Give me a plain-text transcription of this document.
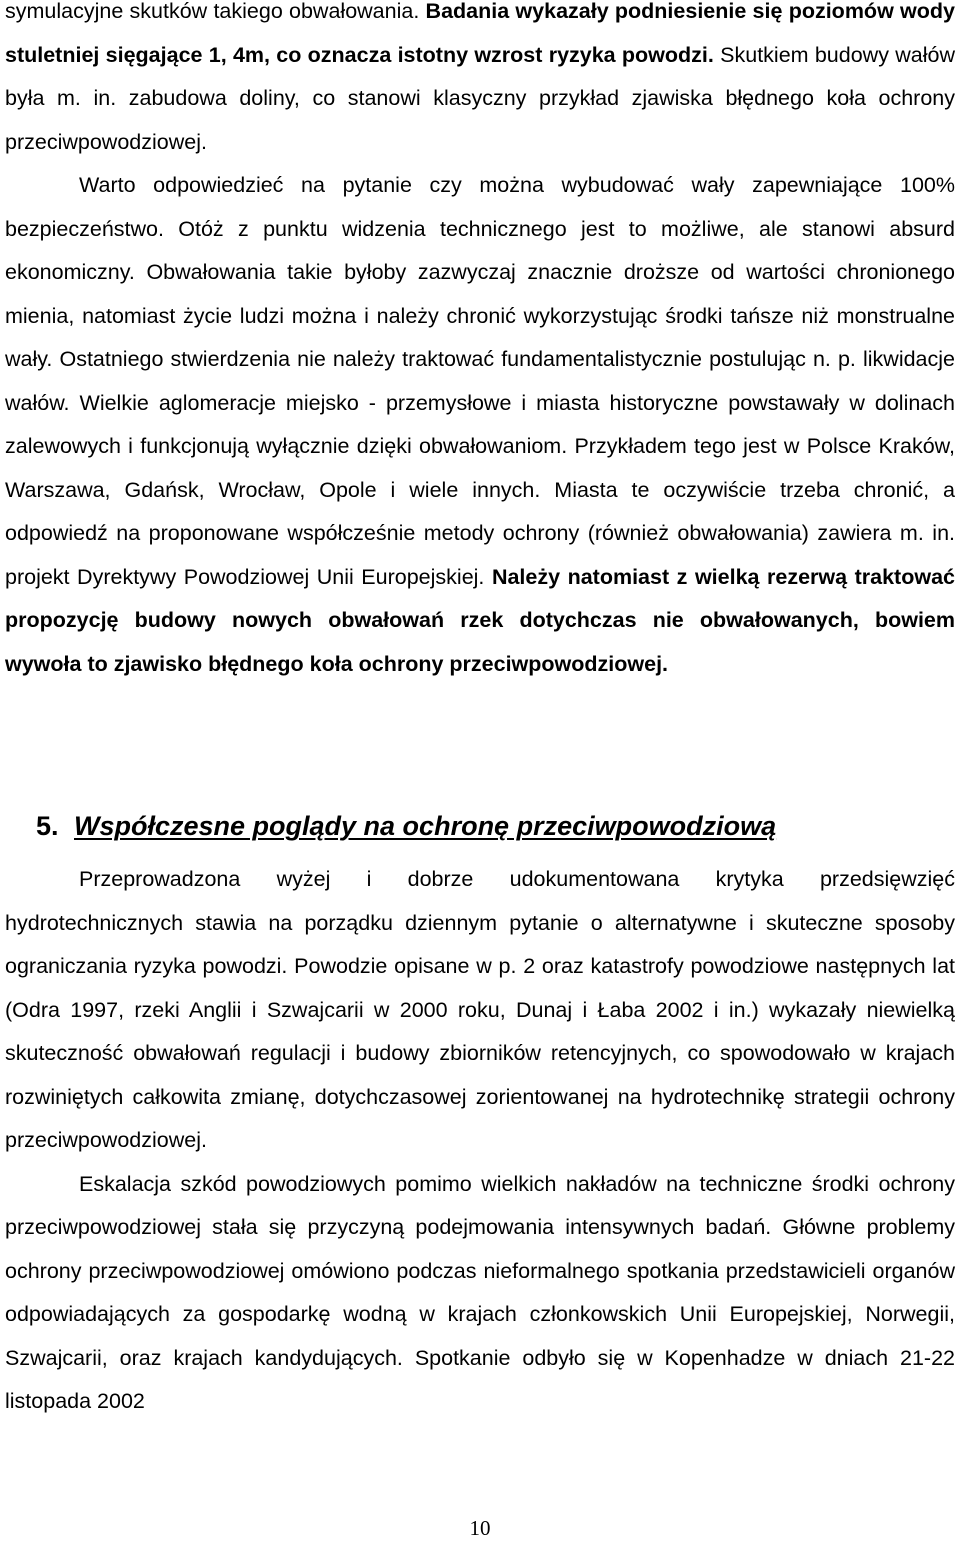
symulacyjne skutków takiego obwałowania. Badania wykazały podniesienie się poziomów wody stuletniej sięgające 1, 4m, co oznacza istotny wzrost ryzyka powodzi. Skutkiem budowy wałów była m. in. zabudowa doliny, co stanowi klasyczny przykład zjawiska błędnego koła ochrony przeciwpowodziowej.

Warto odpowiedzieć na pytanie czy można wybudować wały zapewniające 100% bezpieczeństwo. Otóż z punktu widzenia technicznego jest to możliwe, ale stanowi absurd ekonomiczny. Obwałowania takie byłoby zazwyczaj znacznie droższe od wartości chronionego mienia, natomiast życie ludzi można i należy chronić wykorzystując środki tańsze niż monstrualne wały. Ostatniego stwierdzenia nie należy traktować fundamentalistycznie postulując n. p. likwidacje wałów. Wielkie aglomeracje miejsko - przemysłowe i miasta historyczne powstawały w dolinach zalewowych i funkcjonują wyłącznie dzięki obwałowaniom. Przykładem tego jest w Polsce Kraków, Warszawa, Gdańsk, Wrocław, Opole i wiele innych. Miasta te oczywiście trzeba chronić, a odpowiedź na proponowane współcześnie metody ochrony (również obwałowania) zawiera m. in. projekt Dyrektywy Powodziowej Unii Europejskiej. Należy natomiast z wielką rezerwą traktować propozycję budowy nowych obwałowań rzek dotychczas nie obwałowanych, bowiem wywoła to zjawisko błędnego koła ochrony przeciwpowodziowej.

5. Współczesne poglądy na ochronę przeciwpowodziową

Przeprowadzona wyżej i dobrze udokumentowana krytyka przedsięwzięć hydrotechnicznych stawia na porządku dziennym pytanie o alternatywne i skuteczne sposoby ograniczania ryzyka powodzi. Powodzie opisane w p. 2 oraz katastrofy powodziowe następnych lat (Odra 1997, rzeki Anglii i Szwajcarii w 2000 roku, Dunaj i Łaba 2002 i in.) wykazały niewielką skuteczność obwałowań regulacji i budowy zbiorników retencyjnych, co spowodowało w krajach rozwiniętych całkowita zmianę, dotychczasowej zorientowanej na hydrotechnikę strategii ochrony przeciwpowodziowej.

Eskalacja szkód powodziowych pomimo wielkich nakładów na techniczne środki ochrony przeciwpowodziowej stała się przyczyną podejmowania intensywnych badań. Główne problemy ochrony przeciwpowodziowej omówiono podczas nieformalnego spotkania przedstawicieli organów odpowiadających za gospodarkę wodną w krajach członkowskich Unii Europejskiej, Norwegii, Szwajcarii, oraz krajach kandydujących. Spotkanie odbyło się w Kopenhadze w dniach 21-22 listopada 2002

10
